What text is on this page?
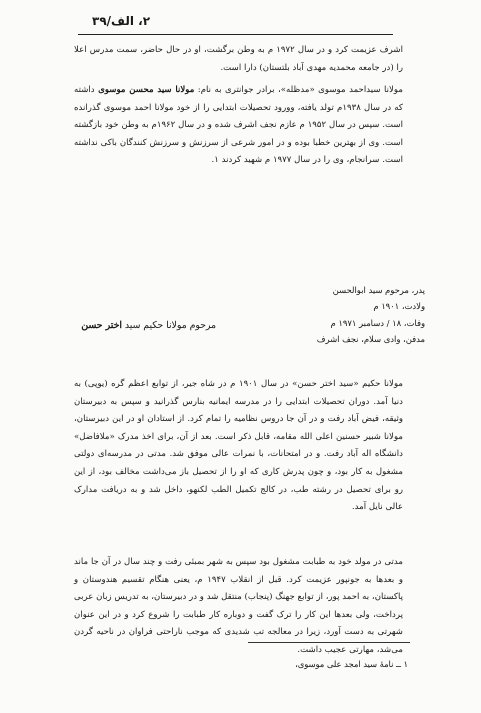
۲، الف/۳۹

اشرف عزیمت کرد و در سال ۱۹۷۲ م به وطن برگشت، او در حال حاضر، سمت مدرس اعلا را (در جامعه محمدیه مهدی آباد بلتستان) دارا است.

مولانا سیداحمد موسوی «مدظله»، برادر جوانتری به نام: مولانا سید محسن موسوی داشته که در سال ۱۹۳۸م تولد یافته، وورود تحصیلات ابتدایی را از خود مولانا احمد موسوی گذرانده است. سپس در سال ۱۹۵۲ م عازم نجف اشرف شده و در سال ۱۹۶۲م به وطن خود بازگشته است. وی از بهترین خطبا بوده و در امور شرعی از سرزنش و سرزنش کنندگان باکی نداشته است. سرانجام، وی را در سال ۱۹۷۷ م شهید کردند ۱.

پدر، مرحوم سید ابوالحسن
ولادت، ۱۹۰۱ م
وفات، ۱۸ / دسامبر ۱۹۷۱ م
مدفن، وادی سلام، نجف اشرف
مرحوم مولانا حکیم سید اختر حسن

مولانا حکیم «سید اختر حسن» در سال ۱۹۰۱ م در شاه جیر، از توابع اعظم گره (یوپی) به دنیا آمد. دوران تحصیلات ابتدایی را در مدرسه ایمانیه بنارس گذرانید و سپس به دبیرستان وثیقه، فیض آباد رفت و در آن جا دروس نظامیه را تمام کرد. از استادان او در این دبیرستان، مولانا شبیر حسنین اعلی الله مقامه، قابل ذکر است. بعد از آن، برای اخذ مدرک «ملافاضل» دانشگاه اله آباد رفت. و در امتحانات، با نمرات عالی موفق شد. مدتی در مدرسه‌ای دولتی مشغول به کار بود، و چون پدرش کاری که او را از تحصیل باز می‌داشت مخالف بود، از این رو برای تحصیل در رشته طب، در کالج تکمیل الطب لکنهو، داخل شد و به دریافت مدارک عالی نایل آمد.

مدتی در مولد خود به طبابت مشغول بود سپس به شهر بمبئی رفت و چند سال در آن جا ماند و بعدها به جونپور عزیمت کرد. قبل از انقلاب ۱۹۴۷ م، یعنی هنگام تقسیم هندوستان و پاکستان، به احمد پور، از توابع جهنگ (پنجاب) منتقل شد و در دبیرستان، به تدریس زبان عربی پرداخت، ولی بعدها این کار را ترک گفت و دوباره کار طبابت را شروع کرد و در این عنوان شهرتی به دست آورد، زیرا در معالجه تب شدیدی که موجب ناراحتی فراوان در ناحیه گردن می‌شد، مهارتی عجیب داشت.

۱ ــ نامهٔ سید امجد علی موسوی،
